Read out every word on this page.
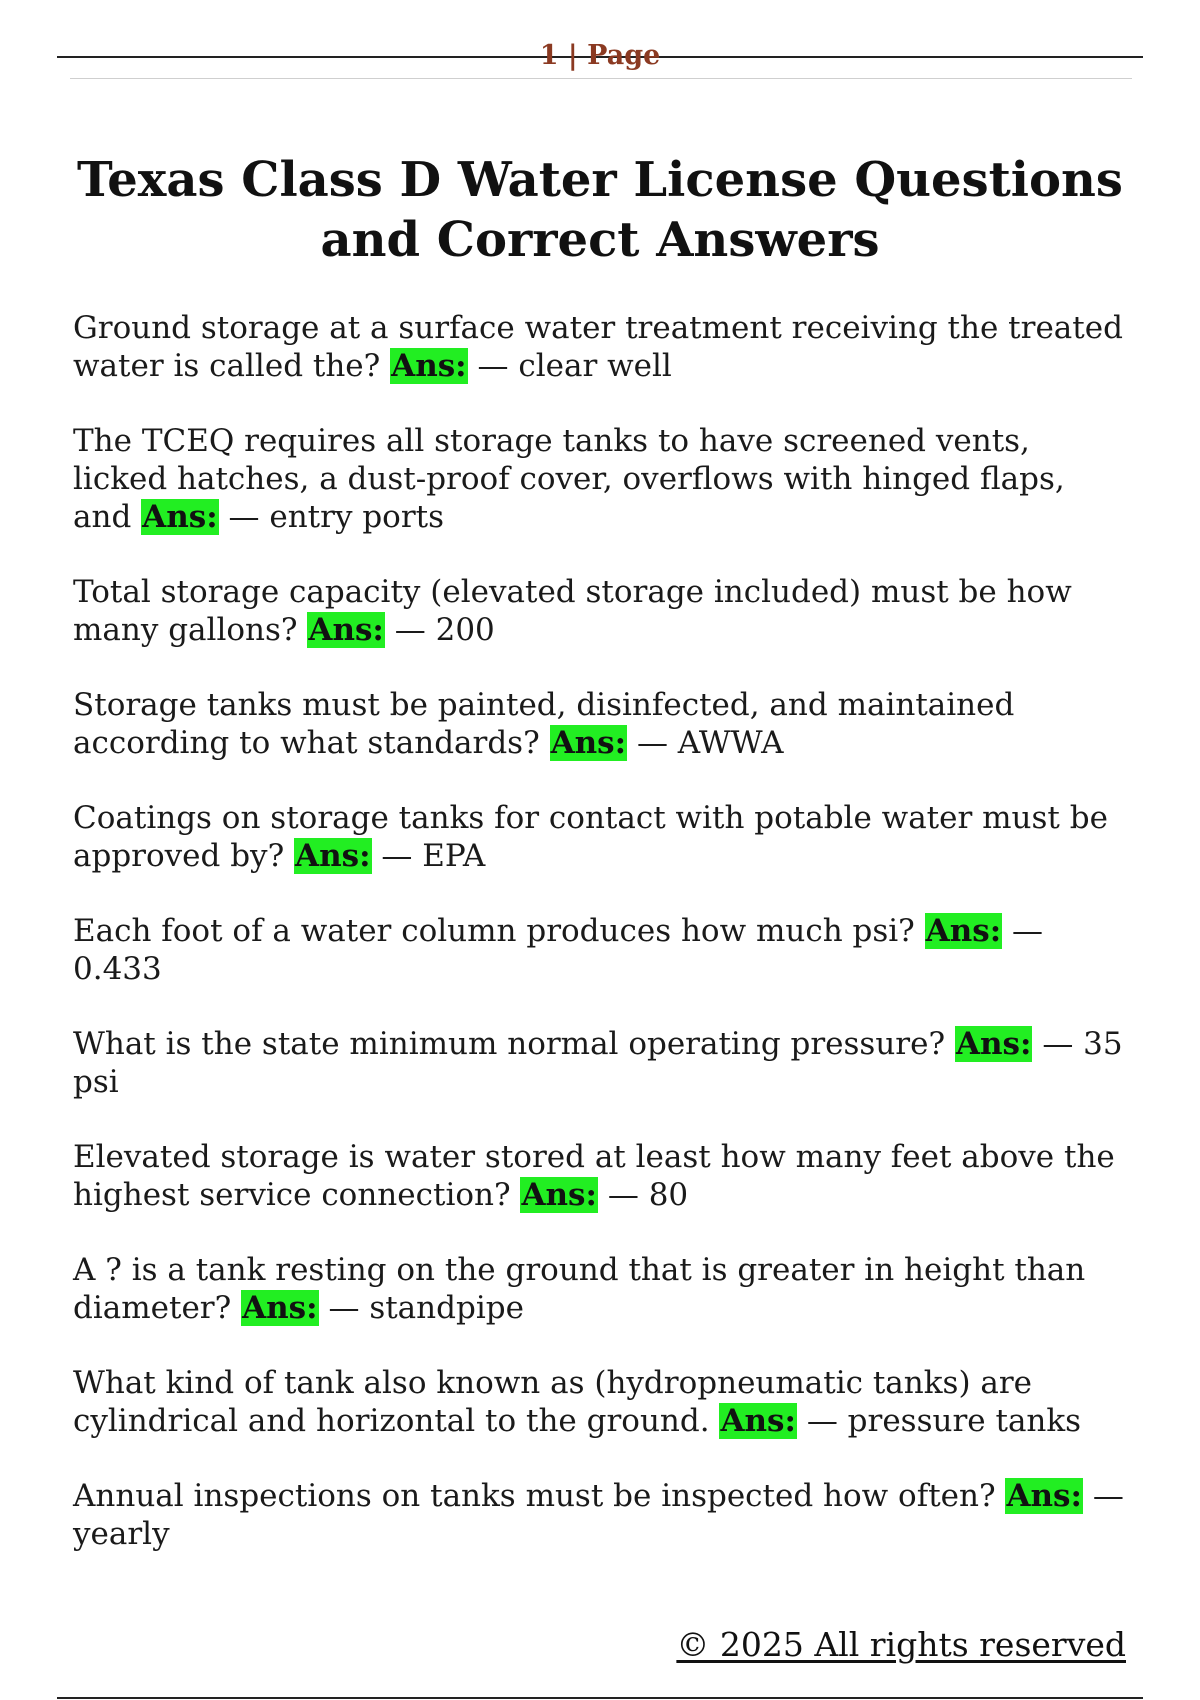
1 | Page
Texas Class D Water License Questions and Correct Answers
Ground storage at a surface water treatment receiving the treated water is called the? Ans: — clear well
The TCEQ requires all storage tanks to have screened vents, licked hatches, a dust-proof cover, overflows with hinged flaps, and Ans: — entry ports
Total storage capacity (elevated storage included) must be how many gallons? Ans: — 200
Storage tanks must be painted, disinfected, and maintained according to what standards? Ans: — AWWA
Coatings on storage tanks for contact with potable water must be approved by? Ans: — EPA
Each foot of a water column produces how much psi? Ans: — 0.433
What is the state minimum normal operating pressure? Ans: — 35 psi
Elevated storage is water stored at least how many feet above the highest service connection? Ans: — 80
A ? is a tank resting on the ground that is greater in height than diameter? Ans: — standpipe
What kind of tank also known as (hydropneumatic tanks) are cylindrical and horizontal to the ground. Ans: — pressure tanks
Annual inspections on tanks must be inspected how often? Ans: — yearly
© 2025 All rights reserved
